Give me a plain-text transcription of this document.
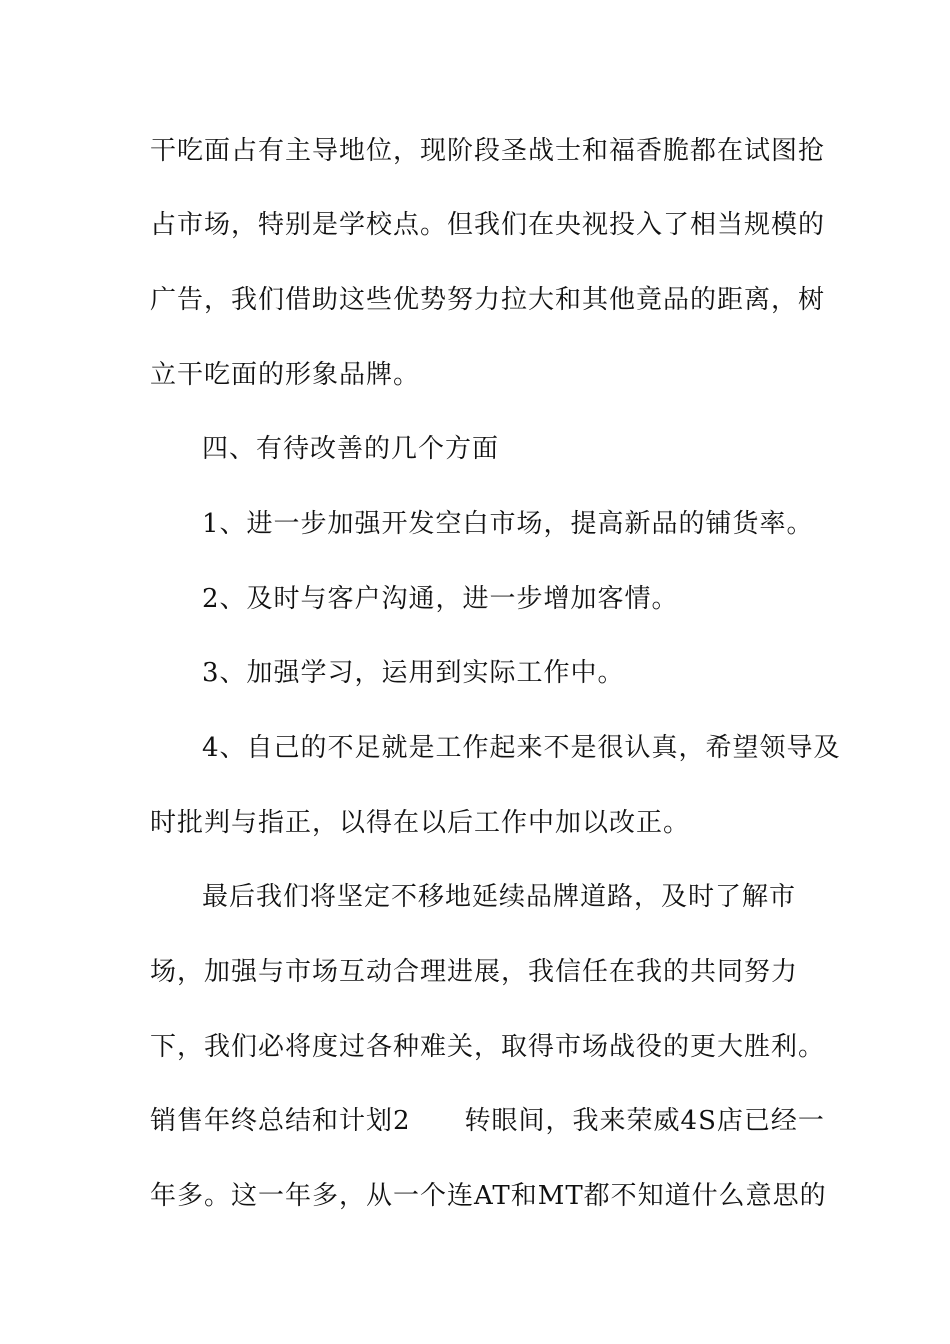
干吃面占有主导地位，现阶段圣战士和福香脆都在试图抢
占市场，特别是学校点。但我们在央视投入了相当规模的
广告，我们借助这些优势努力拉大和其他竟品的距离，树
立干吃面的形象品牌。
四、有待改善的几个方面
1、进一步加强开发空白市场，提高新品的铺货率。
2、及时与客户沟通，进一步增加客情。
3、加强学习，运用到实际工作中。
4、自己的不足就是工作起来不是很认真，希望领导及
时批判与指正，以得在以后工作中加以改正。
最后我们将坚定不移地延续品牌道路，及时了解市
场，加强与市场互动合理进展，我信任在我的共同努力
下，我们必将度过各种难关，取得市场战役的更大胜利。
销售年终总结和计划2　　转眼间，我来荣威4S店已经一
年多。这一年多，从一个连AT和MT都不知道什么意思的
